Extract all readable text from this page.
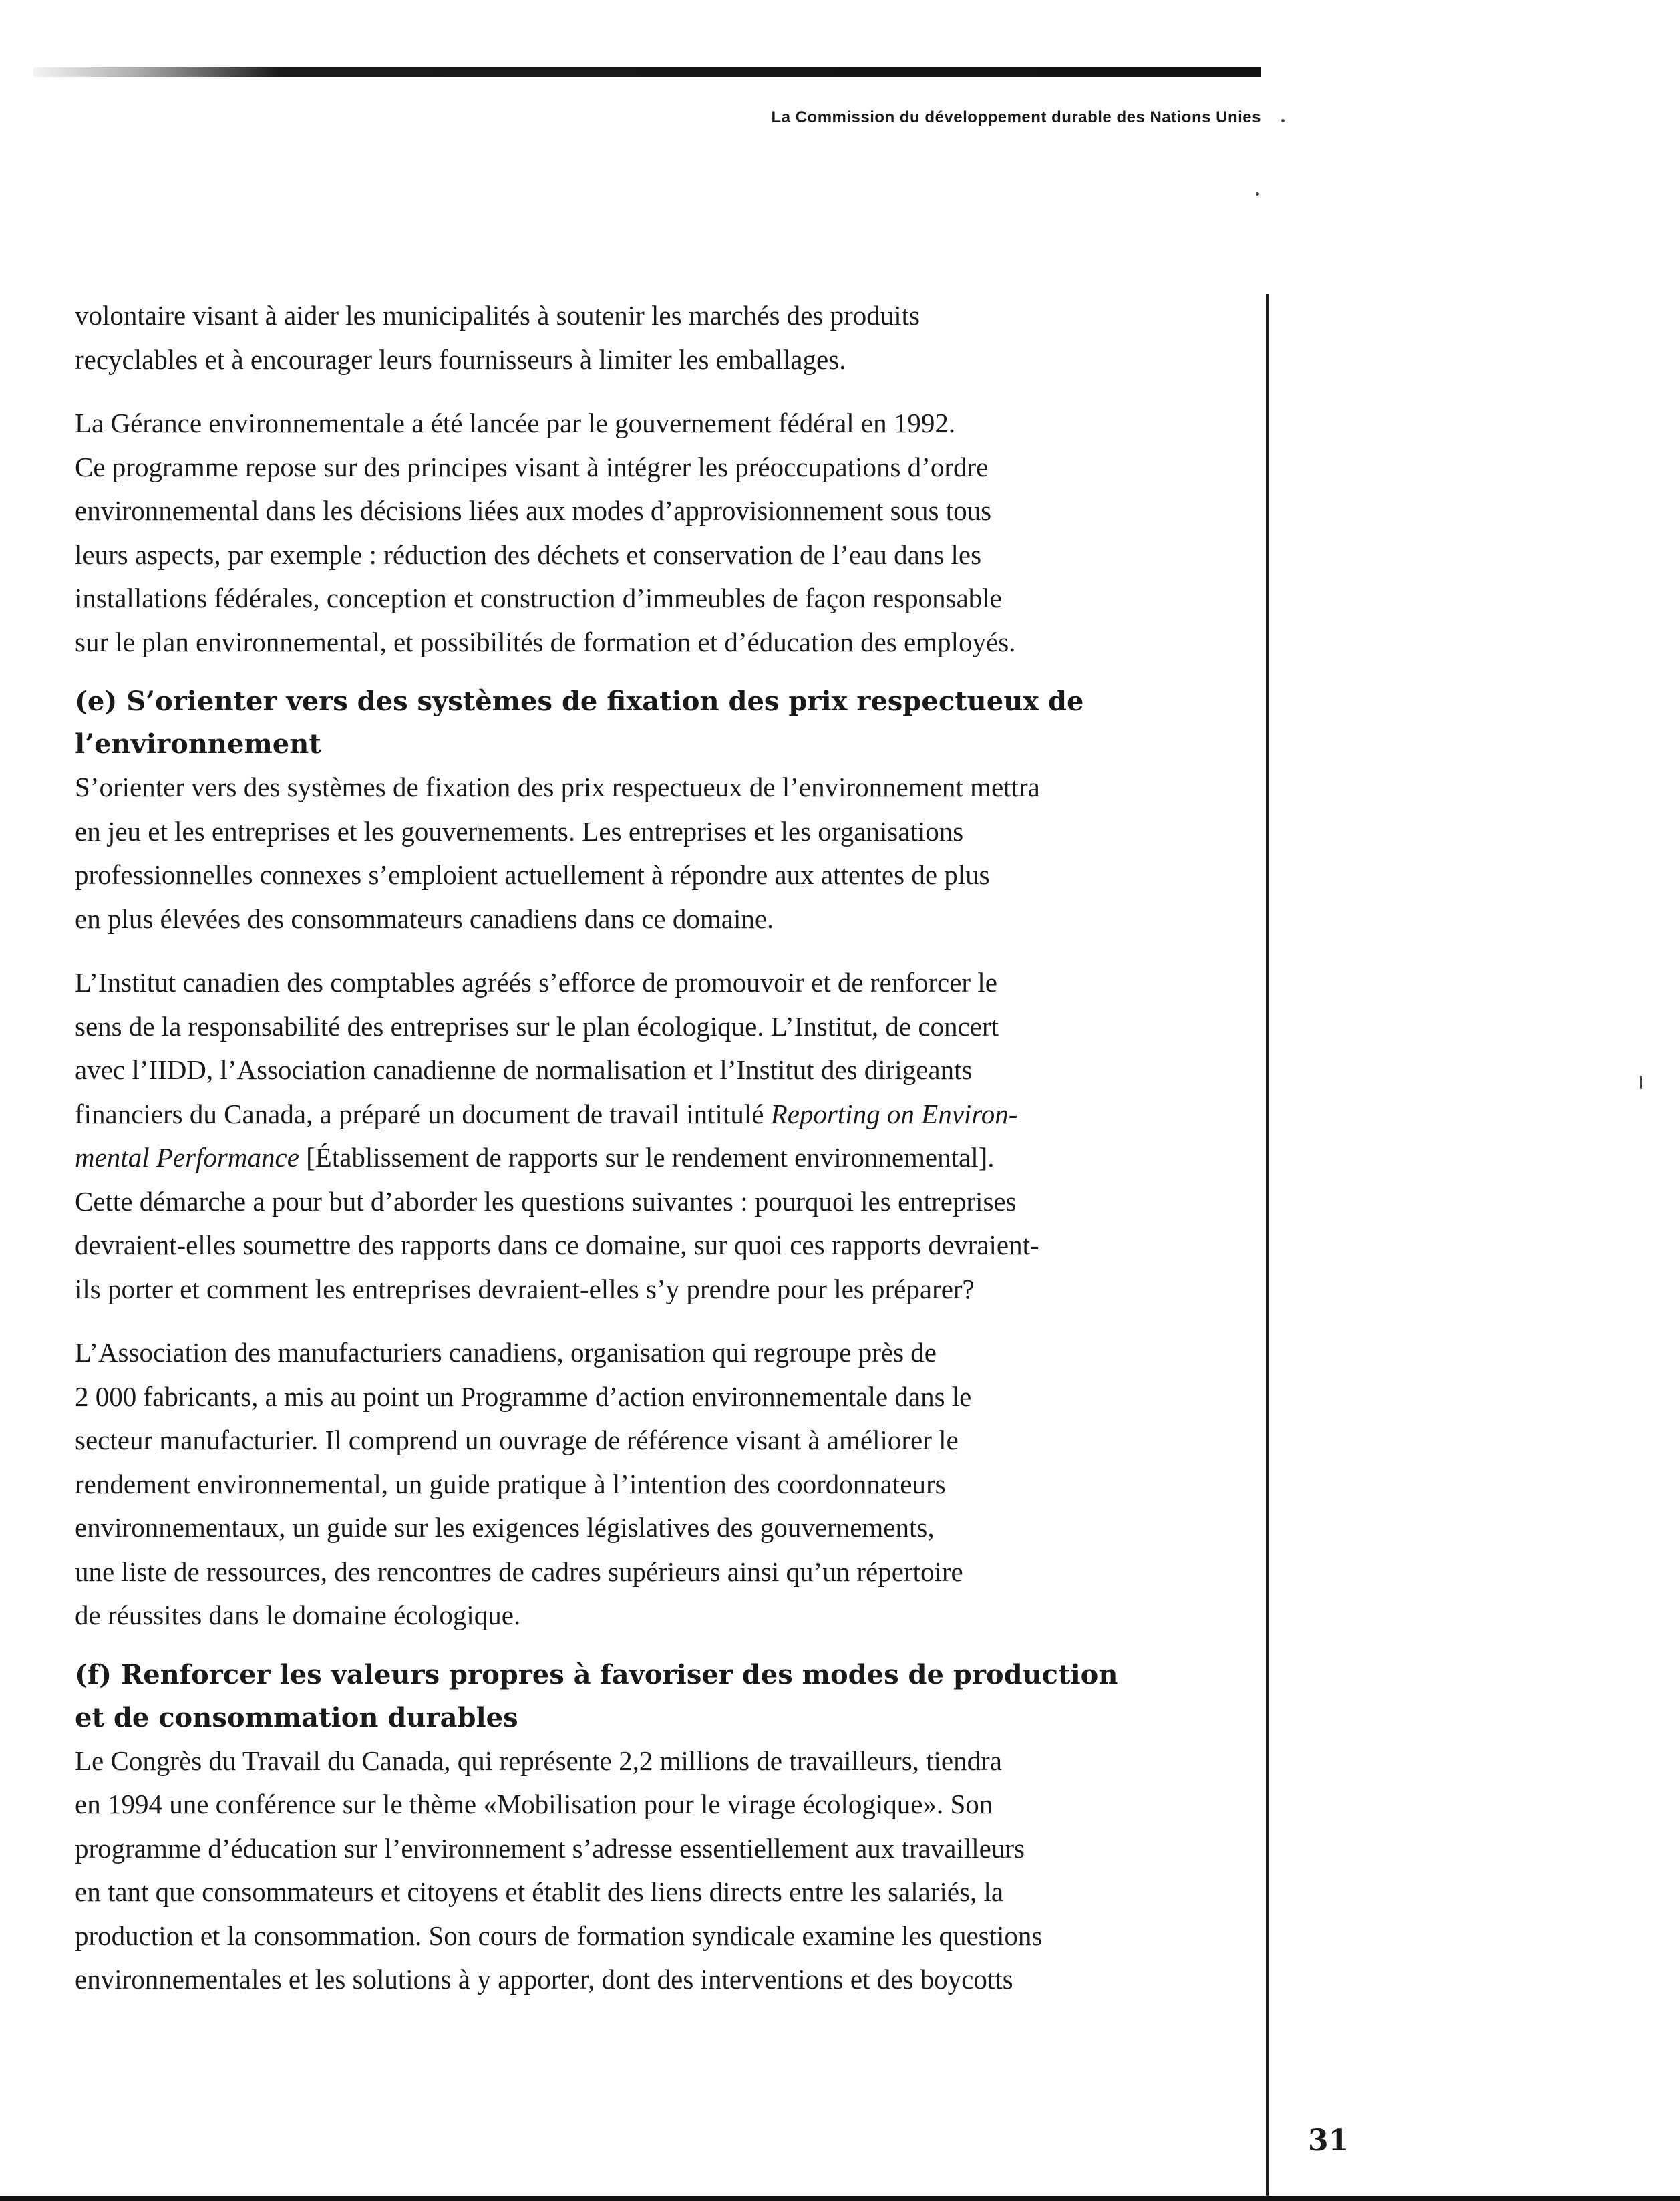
La Commission du développement durable des Nations Unies

volontaire visant à aider les municipalités à soutenir les marchés des produits

recyclables et à encourager leurs fournisseurs à limiter les emballages.

La Gérance environnementale a été lancée par le gouvernement fédéral en 1992.

Ce programme repose sur des principes visant à intégrer les préoccupations d’ordre

environnemental dans les décisions liées aux modes d’approvisionnement sous tous

leurs aspects, par exemple : réduction des déchets et conservation de l’eau dans les

installations fédérales, conception et construction d’immeubles de façon responsable

sur le plan environnemental, et possibilités de formation et d’éducation des employés.

(e) S’orienter vers des systèmes de fixation des prix respectueux de

l’environnement

S’orienter vers des systèmes de fixation des prix respectueux de l’environnement mettra

en jeu et les entreprises et les gouvernements. Les entreprises et les organisations

professionnelles connexes s’emploient actuellement à répondre aux attentes de plus

en plus élevées des consommateurs canadiens dans ce domaine.

L’Institut canadien des comptables agréés s’efforce de promouvoir et de renforcer le

sens de la responsabilité des entreprises sur le plan écologique. L’Institut, de concert

avec l’IIDD, l’Association canadienne de normalisation et l’Institut des dirigeants

financiers du Canada, a préparé un document de travail intitulé Reporting on Environ-

mental Performance [Établissement de rapports sur le rendement environnemental].

Cette démarche a pour but d’aborder les questions suivantes : pourquoi les entreprises

devraient-elles soumettre des rapports dans ce domaine, sur quoi ces rapports devraient-

ils porter et comment les entreprises devraient-elles s’y prendre pour les préparer?

L’Association des manufacturiers canadiens, organisation qui regroupe près de

2 000 fabricants, a mis au point un Programme d’action environnementale dans le

secteur manufacturier. Il comprend un ouvrage de référence visant à améliorer le

rendement environnemental, un guide pratique à l’intention des coordonnateurs

environnementaux, un guide sur les exigences législatives des gouvernements,

une liste de ressources, des rencontres de cadres supérieurs ainsi qu’un répertoire

de réussites dans le domaine écologique.

(f) Renforcer les valeurs propres à favoriser des modes de production

et de consommation durables

Le Congrès du Travail du Canada, qui représente 2,2 millions de travailleurs, tiendra

en 1994 une conférence sur le thème «Mobilisation pour le virage écologique». Son

programme d’éducation sur l’environnement s’adresse essentiellement aux travailleurs

en tant que consommateurs et citoyens et établit des liens directs entre les salariés, la

production et la consommation. Son cours de formation syndicale examine les questions

environnementales et les solutions à y apporter, dont des interventions et des boycotts

31
